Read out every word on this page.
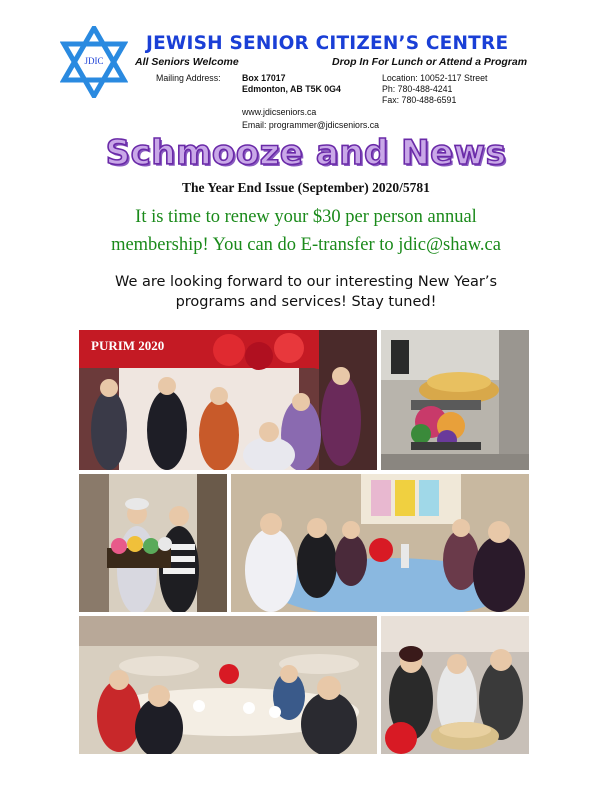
JDIC
JEWISH SENIOR CITIZEN’S CENTRE
All Seniors Welcome	Drop In For Lunch or Attend a Program
Mailing Address: Box 17017
Edmonton, AB T5K 0G4
Location: 10052-117 Street
Ph: 780-488-4241
Fax: 780-488-6591
www.jdicseniors.ca
Email: programmer@jdicseniors.ca
Schmooze and News
The Year End Issue (September) 2020/5781
It is time to renew your $30 per person annual
membership! You can do E-transfer to jdic@shaw.ca
We are looking forward to our interesting New Year’s
programs and services! Stay tuned!
PURIM 2020
